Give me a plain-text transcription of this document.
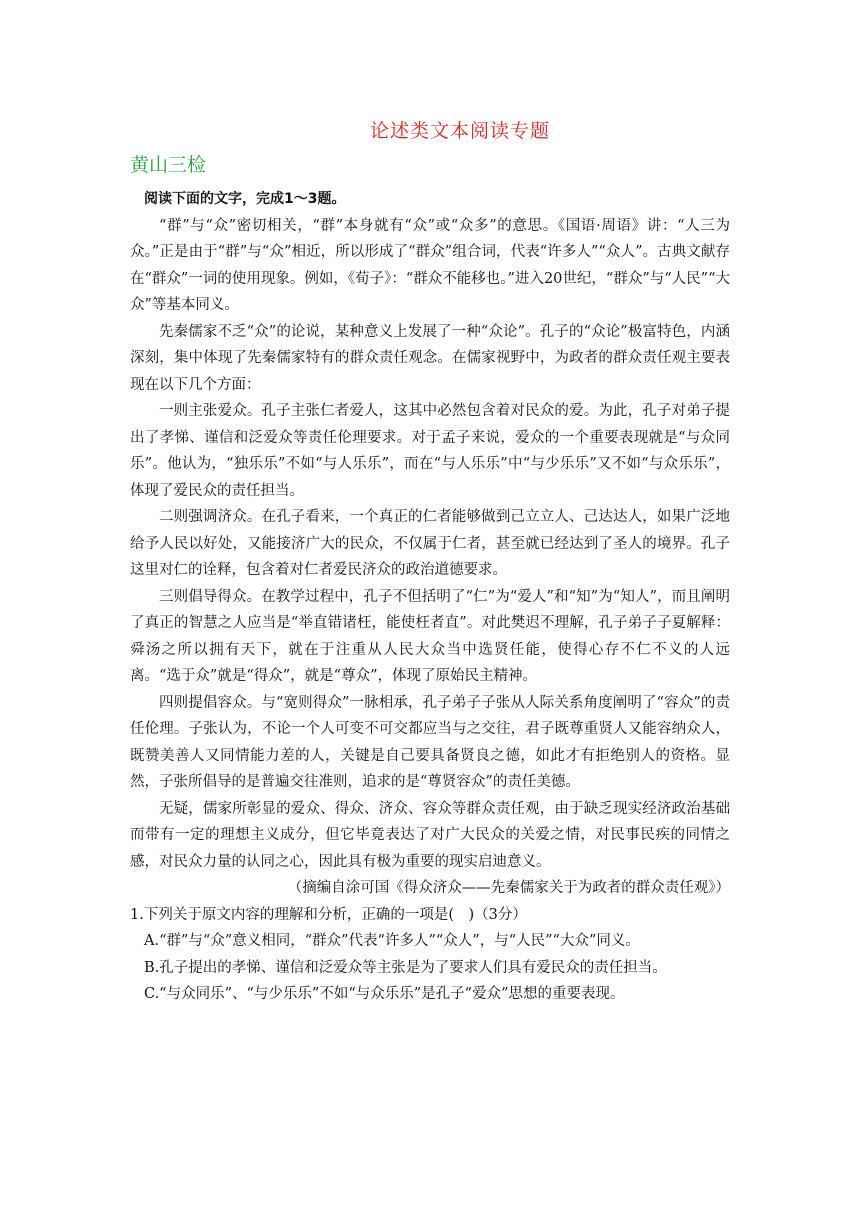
论述类文本阅读专题
黄山三检

阅读下面的文字，完成1～3题。

“群”与“众”密切相关，“群”本身就有“众”或“众多”的意思。《国语·周语》讲：“人三为众。”正是由于“群”与“众”相近，所以形成了“群众”组合词，代表“许多人”“众人”。古典文献存在“群众”一词的使用现象。例如，《荀子》：“群众不能移也。”进入20世纪，“群众”与“人民”“大众”等基本同义。

先秦儒家不乏“众”的论说，某种意义上发展了一种“众论”。孔子的“众论”极富特色，内涵深刻，集中体现了先秦儒家特有的群众责任观念。在儒家视野中，为政者的群众责任观主要表现在以下几个方面：

一则主张爱众。孔子主张仁者爱人，这其中必然包含着对民众的爱。为此，孔子对弟子提出了孝悌、谨信和泛爱众等责任伦理要求。对于孟子来说，爱众的一个重要表现就是“与众同乐”。他认为，“独乐乐”不如“与人乐乐”，而在“与人乐乐”中“与少乐乐”又不如“与众乐乐”，体现了爱民众的责任担当。

二则强调济众。在孔子看来，一个真正的仁者能够做到己立立人、己达达人，如果广泛地给予人民以好处，又能接济广大的民众，不仅属于仁者，甚至就已经达到了圣人的境界。孔子这里对仁的诠释，包含着对仁者爱民济众的政治道德要求。

三则倡导得众。在教学过程中，孔子不但括明了“仁”为“爱人”和“知”为“知人”，而且阐明了真正的智慧之人应当是“举直错诸枉，能使枉者直”。对此樊迟不理解，孔子弟子子夏解释：舜汤之所以拥有天下，就在于注重从人民大众当中选贤任能，使得心存不仁不义的人远离。“选于众”就是“得众”，就是“尊众”，体现了原始民主精神。

四则提倡容众。与“宽则得众”一脉相承，孔子弟子子张从人际关系角度阐明了“容众”的责任伦理。子张认为，不论一个人可变不可交都应当与之交往，君子既尊重贤人又能容纳众人，既赞美善人又同情能力差的人，关键是自己要具备贤良之德，如此才有拒绝别人的资格。显然，子张所倡导的是普遍交往准则，追求的是“尊贤容众”的责任美德。

无疑，儒家所彰显的爱众、得众、济众、容众等群众责任观，由于缺乏现实经济政治基础而带有一定的理想主义成分，但它毕竟表达了对广大民众的关爱之情，对民事民疾的同情之感，对民众力量的认同之心，因此具有极为重要的现实启迪意义。

（摘编自涂可国《得众济众——先秦儒家关于为政者的群众责任观》）

1.下列关于原文内容的理解和分析，正确的一项是(　)（3分）

A.“群”与“众”意义相同，“群众”代表“许多人”“众人”，与“人民”“大众”同义。

B.孔子提出的孝悌、谨信和泛爱众等主张是为了要求人们具有爱民众的责任担当。

C.“与众同乐”、“与少乐乐”不如“与众乐乐”是孔子“爱众”思想的重要表现。
